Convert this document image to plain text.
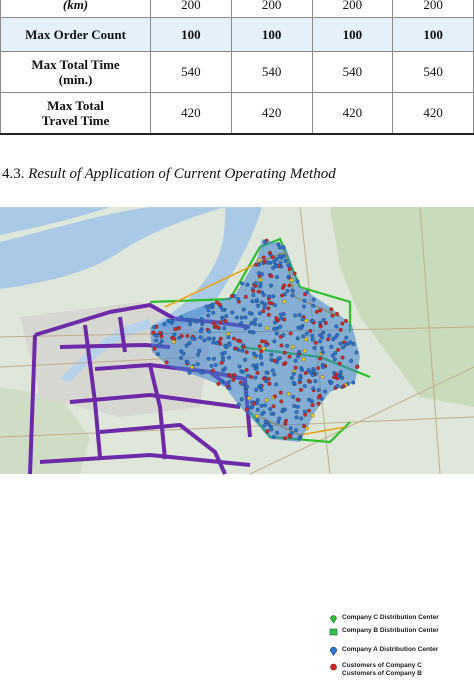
(km)	200	200	200	200
Max Order Count	100	100	100	100

Max Total Time
(min.)	540	540	540	540

Max Total
Travel Time	420	420	420	420
4.3. Result of Application of Current Operating Method
Company C Distribution Center
Company B Distribution Center
Company A Distribution Center
Customers of Company C
Customers of Company B
